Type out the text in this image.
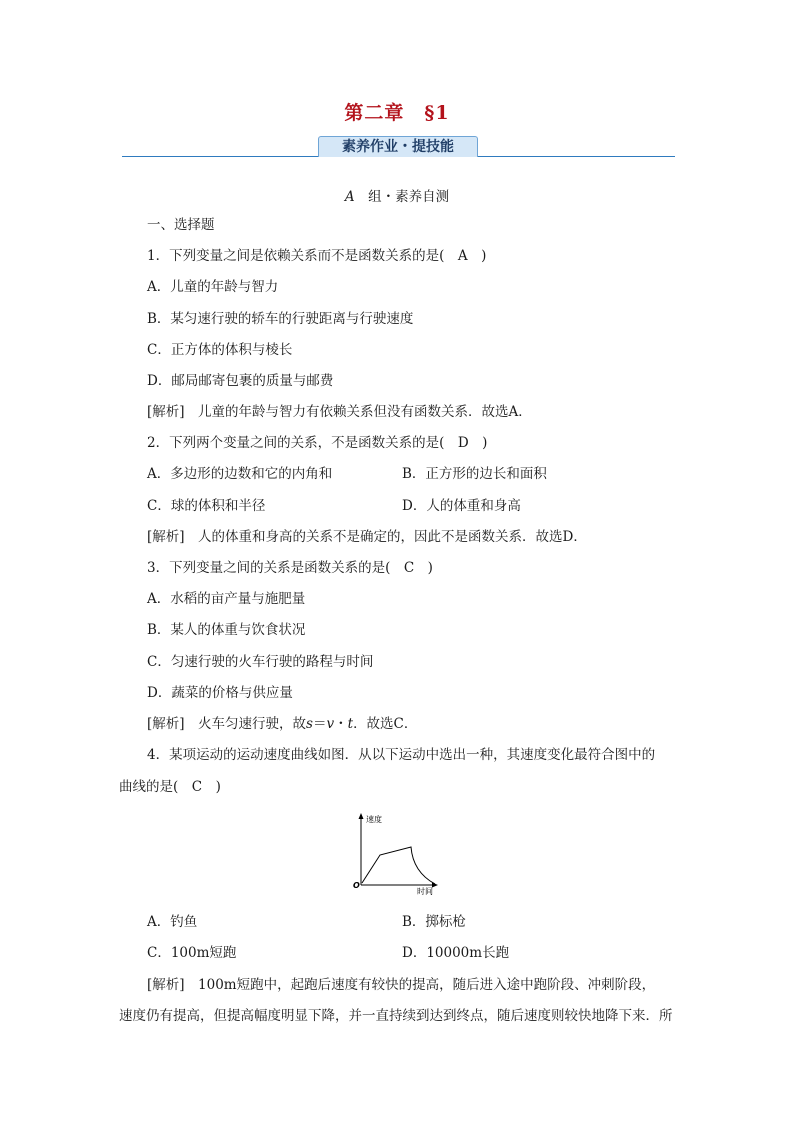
第二章　§1
素养作业・提技能
A　 组・素养自测
一、选择题
1．下列变量之间是依赖关系而不是函数关系的是(　A　)
A．儿童的年龄与智力
B．某匀速行驶的轿车的行驶距离与行驶速度
C．正方体的体积与棱长
D．邮局邮寄包裹的质量与邮费
[解析]　儿童的年龄与智力有依赖关系但没有函数关系．故选A．
2．下列两个变量之间的关系，不是函数关系的是(　D　)
A．多边形的边数和它的内角和	B．正方形的边长和面积
C．球的体积和半径	D．人的体重和身高
[解析]　人的体重和身高的关系不是确定的，因此不是函数关系．故选D．
3．下列变量之间的关系是函数关系的是(　C　)
A．水稻的亩产量与施肥量
B．某人的体重与饮食状况
C．匀速行驶的火车行驶的路程与时间
D．蔬菜的价格与供应量
[解析]　火车匀速行驶，故s＝v・t．故选C．
4．某项运动的运动速度曲线如图．从以下运动中选出一种，其速度变化最符合图中的
曲线的是(　C　)
速度
时间
O
A．钓鱼	B．掷标枪
C．100m短跑	D．10000m长跑
[解析]　100m短跑中，起跑后速度有较快的提高，随后进入途中跑阶段、冲刺阶段，
速度仍有提高，但提高幅度明显下降，并一直持续到达到终点，随后速度则较快地降下来．所
